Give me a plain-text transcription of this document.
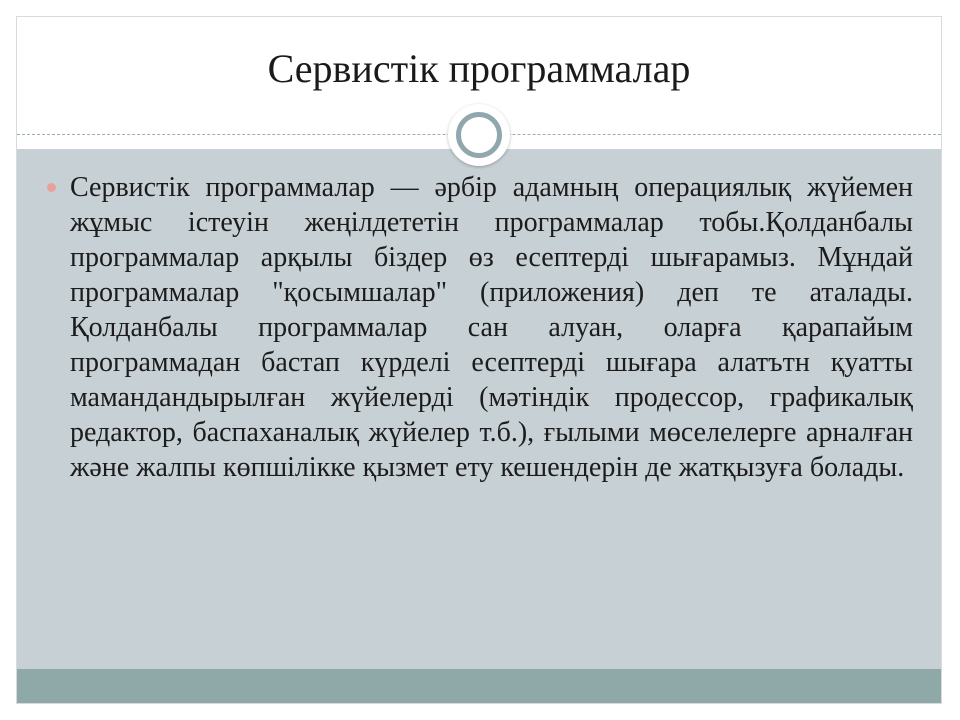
Сервистік программалар

Сервистік программалар — әрбір адамның операциялық жүйемен жұмыс істеуін жеңілдететін программалар тобы.Қолданбалы программалар арқылы біздер өз есептерді шығарамыз. Мұндай программалар "қосымшалар" (приложения) деп те аталады. Қолданбалы программалар сан алуан, оларға қарапайым программадан бастап күрделі есептерді шығара алатътн қуатты мамандандырылған жүйелерді (мәтіндік продессор, графикалық редактор, баспаханалық жүйелер т.б.), ғылыми мөселелерге арналған және жалпы көпшілікке қызмет ету кешендерін де жатқызуға болады.
